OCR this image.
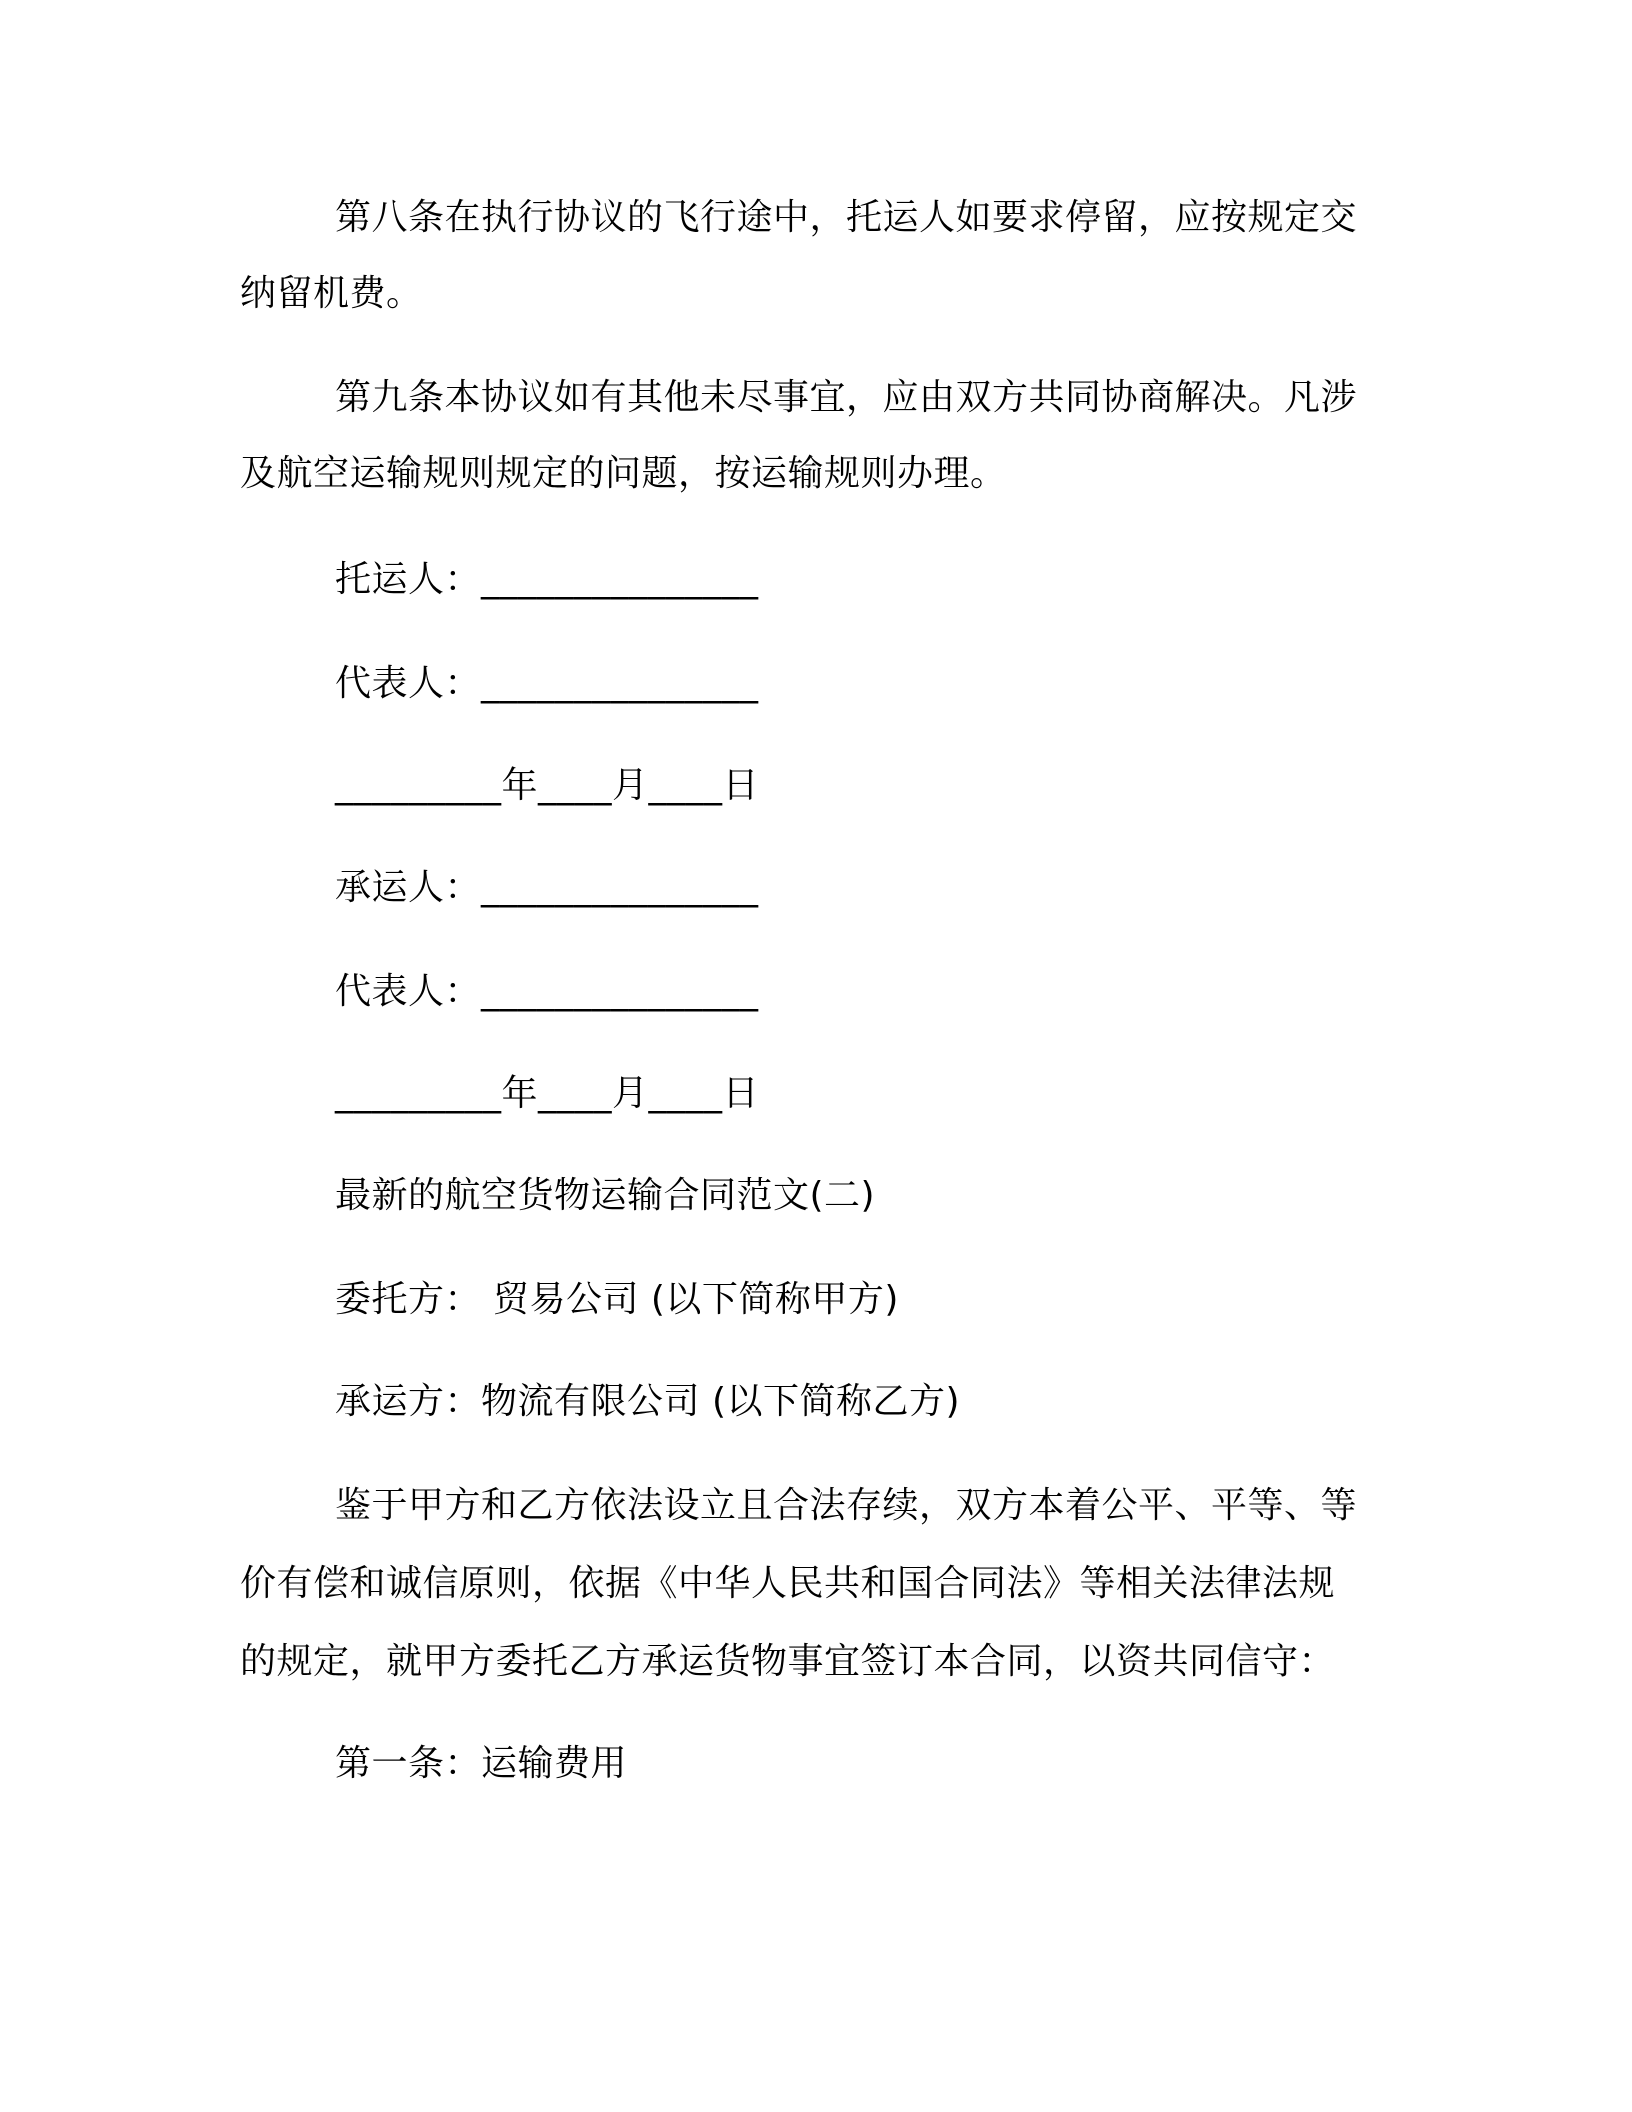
第八条在执行协议的飞行途中，托运人如要求停留，应按规定交
纳留机费。
第九条本协议如有其他未尽事宜，应由双方共同协商解决。凡涉
及航空运输规则规定的问题，按运输规则办理。
托运人：_______________
代表人：_______________
_________年____月____日
承运人：_______________
代表人：_______________
_________年____月____日
最新的航空货物运输合同范文(二)
委托方： 贸易公司 (以下简称甲方)
承运方：物流有限公司 (以下简称乙方)
鉴于甲方和乙方依法设立且合法存续，双方本着公平、平等、等
价有偿和诚信原则，依据《中华人民共和国合同法》等相关法律法规
的规定，就甲方委托乙方承运货物事宜签订本合同，以资共同信守：
第一条：运输费用
